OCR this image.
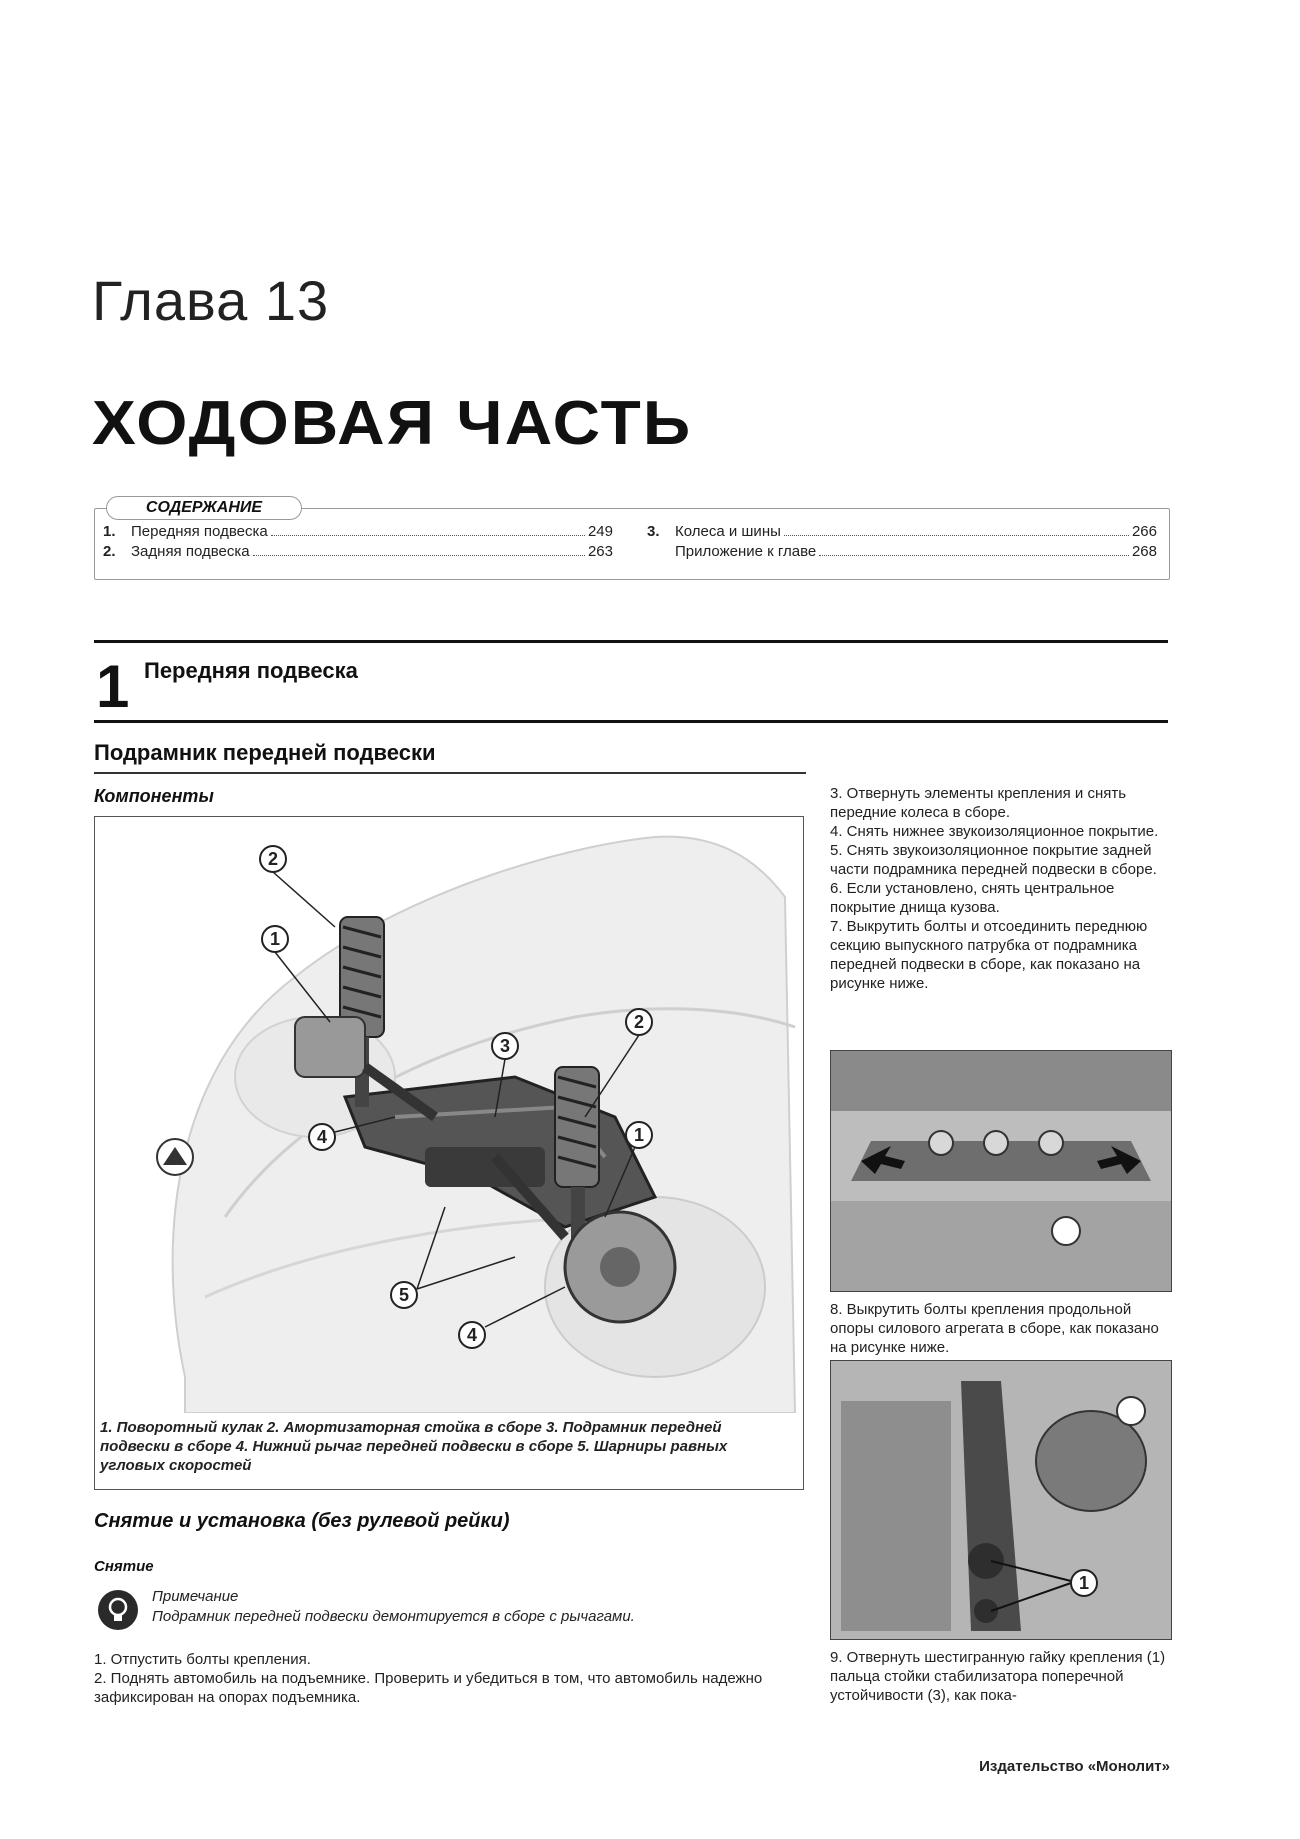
Глава 13
ХОДОВАЯ ЧАСТЬ
1.	Передняя подвеска	249
2.	Задняя подвеска	263
3.	Колеса и шины	266
Приложение к главе	268
СОДЕРЖАНИЕ
1 Передняя подвеска
Подрамник передней подвески
Компоненты
2
1
3
2
4	1
5
4
1. Поворотный кулак 2. Амортизаторная стойка в сборе 3. Подрамник передней подвески в сборе 4. Нижний рычаг передней подвески в сборе 5. Шарниры равных угловых скоростей
Снятие и установка (без рулевой рейки)
Снятие
Примечание
Подрамник передней подвески демонтируется в сборе с рычагами.

1. Отпустить болты крепления.

2. Поднять автомобиль на подъемнике. Проверить и убедиться в том, что автомобиль надежно зафиксирован на опорах подъемника.

3. Отвернуть элементы крепления и снять передние колеса в сборе.

4. Снять нижнее звукоизоляционное покрытие.

5. Снять звукоизоляционное покрытие задней части подрамника передней подвески в сборе.

6. Если установлено, снять центральное покрытие днища кузова.

7. Выкрутить болты и отсоединить переднюю секцию выпускного патрубка от подрамника передней подвески в сборе, как показано на рисунке ниже.

8. Выкрутить болты крепления продольной опоры силового агрегата в сборе, как показано на рисунке ниже.
1
9. Отвернуть шестигранную гайку крепления (1) пальца стойки стабилизатора поперечной устойчивости (3), как пока-
Издательство «Монолит»
